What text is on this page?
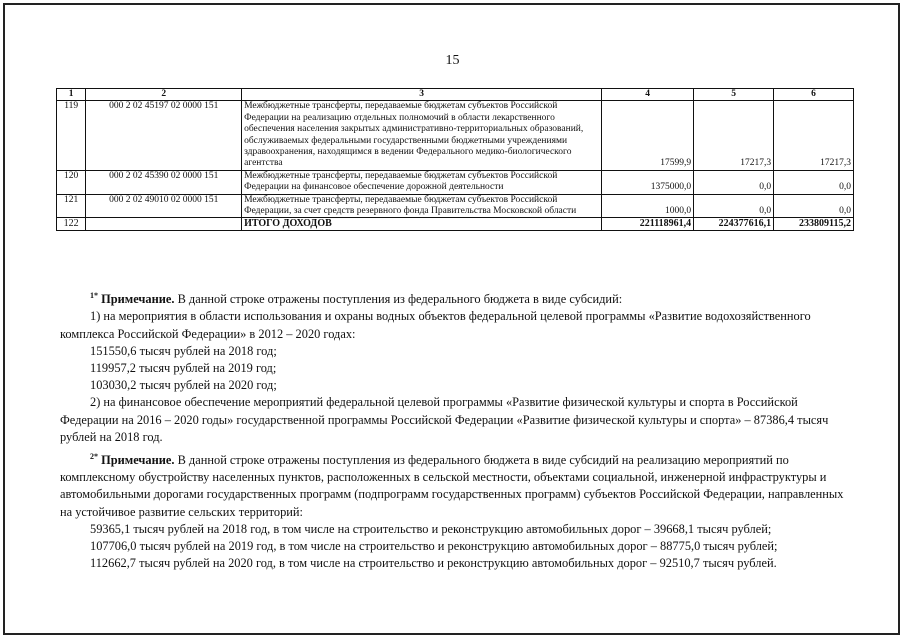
15
1	2	3	4	5	6
119	000 2 02 45197 02 0000 151	Межбюджетные трансферты, передаваемые бюджетам субъектов Российской Федерации на реализацию отдельных полномочий в области лекарственного обеспечения населения закрытых административно-территориальных образований, обслуживаемых федеральными государственными бюджетными учреждениями здравоохранения, находящимся в ведении Федерального медико-биологического агентства	17599,9	17217,3	17217,3
120	000 2 02 45390 02 0000 151	Межбюджетные трансферты, передаваемые бюджетам субъектов Российской Федерации на финансовое обеспечение дорожной деятельности	1375000,0	0,0	0,0
121	000 2 02 49010 02 0000 151	Межбюджетные трансферты, передаваемые бюджетам субъектов Российской Федерации, за счет средств резервного фонда Правительства Московской области	1000,0	0,0	0,0
122		ИТОГО ДОХОДОВ	221118961,4	224377616,1	233809115,2

$^{1*}$ Примечание. В данной строке отражены поступления из федерального бюджета в виде субсидий:

1) на мероприятия в области использования и охраны водных объектов федеральной целевой программы «Развитие водохозяйственного комплекса Российской Федерации» в 2012 – 2020 годах:

151550,6 тысяч рублей на 2018 год;

119957,2 тысяч рублей на 2019 год;

103030,2 тысяч рублей на 2020 год;

2) на финансовое обеспечение мероприятий федеральной целевой программы «Развитие физической культуры и спорта в Российской Федерации на 2016 – 2020 годы» государственной программы Российской Федерации «Развитие физической культуры и спорта» – 87386,4 тысяч рублей на 2018 год.

$^{2*}$ Примечание. В данной строке отражены поступления из федерального бюджета в виде субсидий на реализацию мероприятий по комплексному обустройству населенных пунктов, расположенных в сельской местности, объектами социальной, инженерной инфраструктуры и автомобильными дорогами государственных программ (подпрограмм государственных программ) субъектов Российской Федерации, направленных на устойчивое развитие сельских территорий:

59365,1 тысяч рублей на 2018 год, в том числе на строительство и реконструкцию автомобильных дорог – 39668,1 тысяч рублей;

107706,0 тысяч рублей на 2019 год, в том числе на строительство и реконструкцию автомобильных дорог – 88775,0 тысяч рублей;

112662,7 тысяч рублей на 2020 год, в том числе на строительство и реконструкцию автомобильных дорог – 92510,7 тысяч рублей.
